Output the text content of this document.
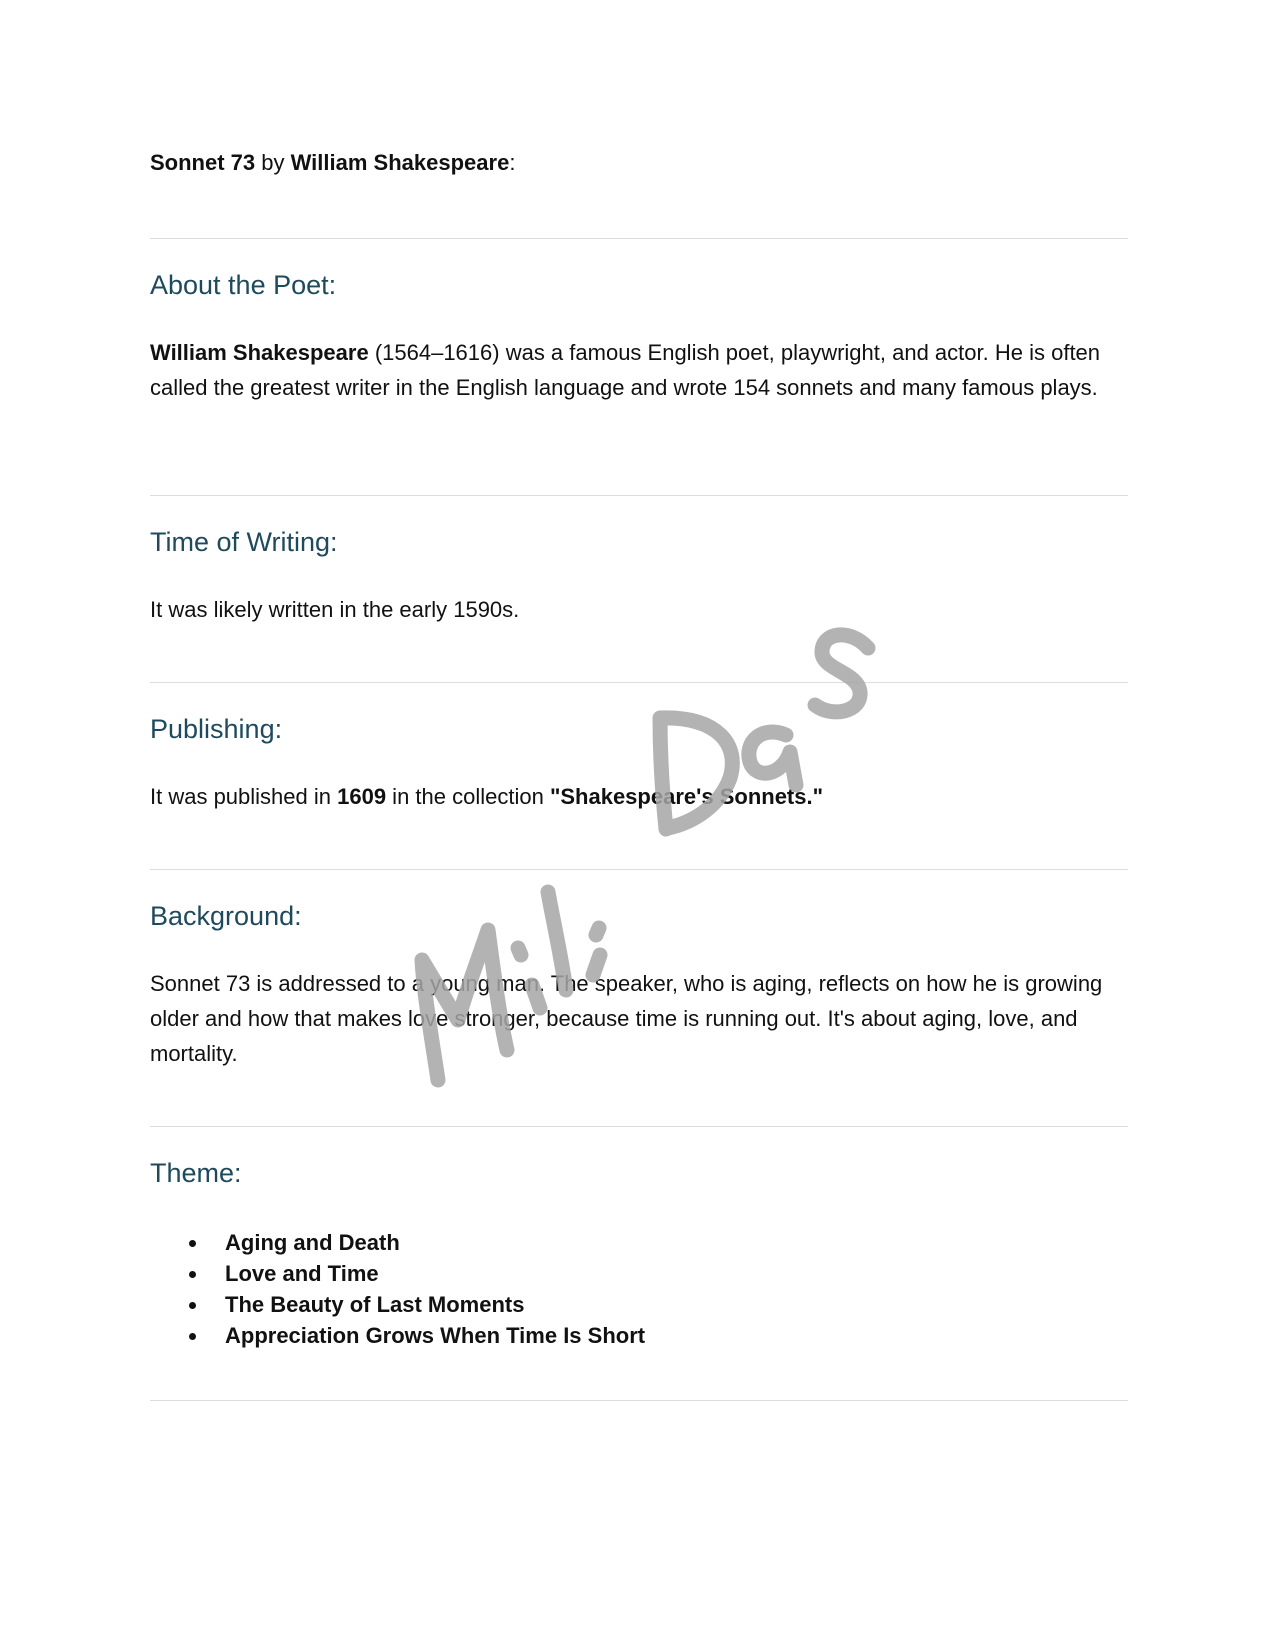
Sonnet 73 by William Shakespeare:

About the Poet:

William Shakespeare (1564–1616) was a famous English poet, playwright, and actor. He is often called the greatest writer in the English language and wrote 154 sonnets and many famous plays.

Time of Writing:

It was likely written in the early 1590s.

Publishing:

It was published in 1609 in the collection "Shakespeare's Sonnets."

Background:

Sonnet 73 is addressed to a young man. The speaker, who is aging, reflects on how he is growing older and how that makes love stronger, because time is running out. It's about aging, love, and mortality.

Theme:
Aging and Death
Love and Time
The Beauty of Last Moments
Appreciation Grows When Time Is Short
